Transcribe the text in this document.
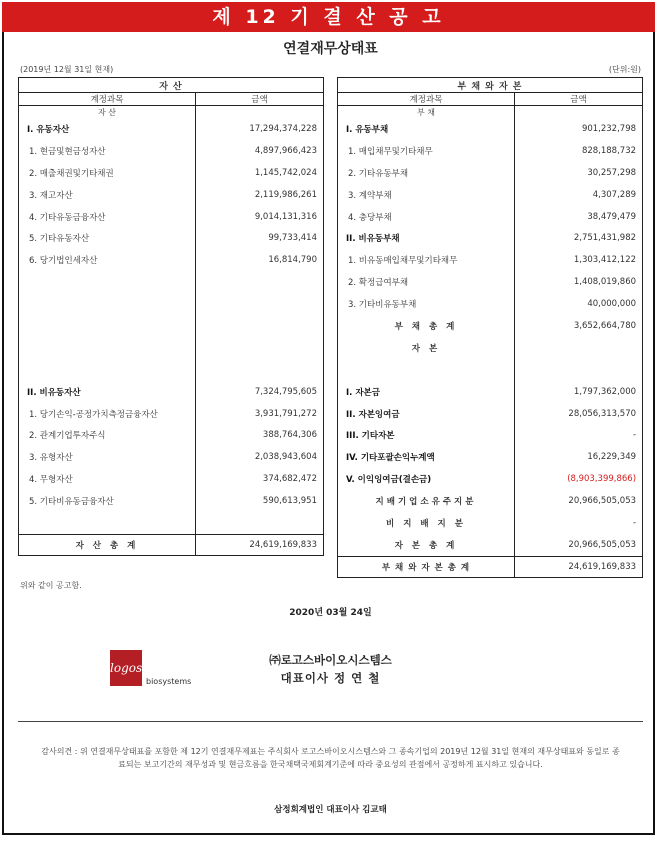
제 12 기 결 산 공 고
연결재무상태표
(2019년 12월 31일 현재)	(단위:원)
자 산	
계정과목	금액
자 산	
I. 유동자산	17,294,374,228
1. 현금및현금성자산	4,897,966,423
2. 매출채권및기타채권	1,145,742,024
3. 재고자산	2,119,986,261
4. 기타유동금융자산	9,014,131,316
5. 기타유동자산	99,733,414
6. 당기법인세자산	16,814,790

II. 비유동자산	7,324,795,605
1. 당기손익-공정가치측정금융자산	3,931,791,272
2. 관계기업투자주식	388,764,306
3. 유형자산	2,038,943,604
4. 무형자산	374,682,472
5. 기타비유동금융자산	590,613,951

자 산 총 계	24,619,169,833
부 채 와 자 본	
계정과목	금액
부 채	
I. 유동부채	901,232,798
1. 매입채무및기타채무	828,188,732
2. 기타유동부채	30,257,298
3. 계약부채	4,307,289
4. 충당부채	38,479,479
II. 비유동부채	2,751,431,982
1. 비유동매입채무및기타채무	1,303,412,122
2. 확정급여부채	1,408,019,860
3. 기타비유동부채	40,000,000
부 채 총 계	3,652,664,780
자 본	

I. 자본금	1,797,362,000
II. 자본잉여금	28,056,313,570
III. 기타자본	-
IV. 기타포괄손익누계액	16,229,349
V. 이익잉여금(결손금)	(8,903,399,866)
지배기업소유주지분	20,966,505,053
비 지 배 지 분	-
자 본 총 계	20,966,505,053
부 채 와 자 본 총 계	24,619,169,833
위와 같이 공고함.
2020년 03월 24일
logos
biosystems
㈜로고스바이오시스템스
대표이사 정 연 철
감사의견 : 위 연결재무상태표를 포함한 제 12기 연결재무제표는 주식회사 로고스바이오시스템스와 그 종속기업의 2019년 12월 31일 현재의 재무상태표와 동일로 종료되는 보고기간의 재무성과 및 현금흐름을 한국채택국제회계기준에 따라 중요성의 관점에서 공정하게 표시하고 있습니다.
삼정회계법인 대표이사 김교태
